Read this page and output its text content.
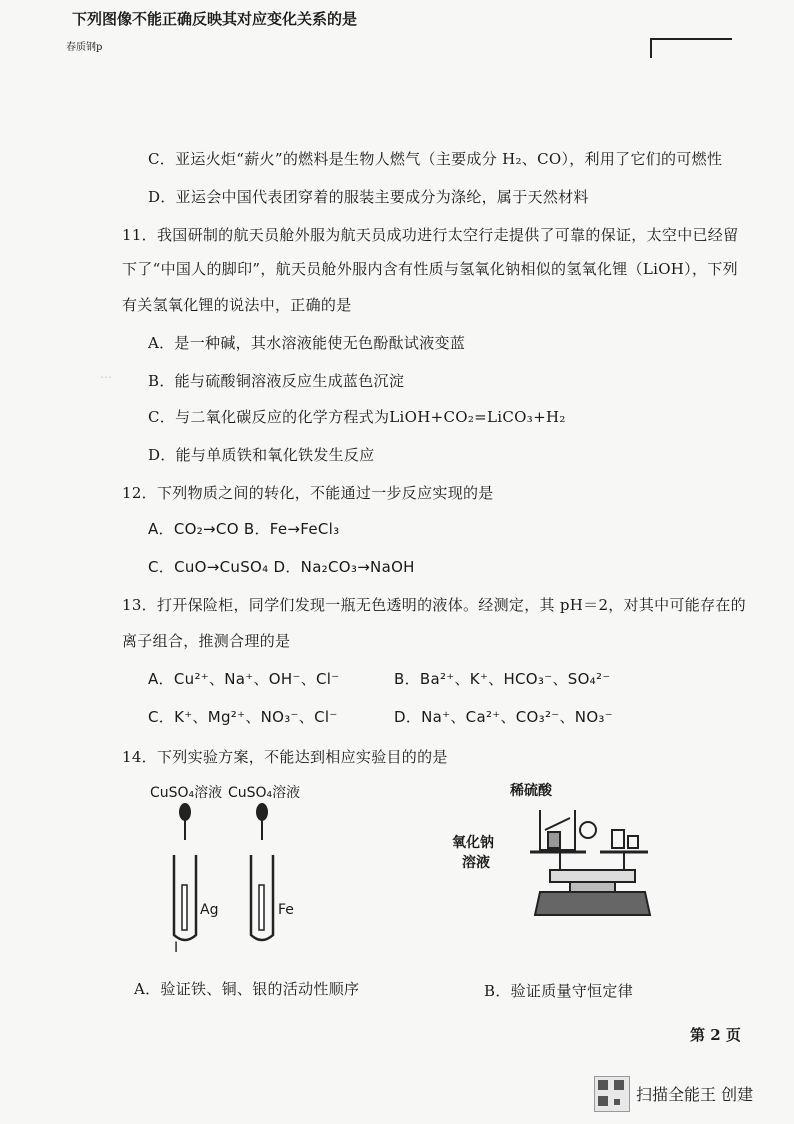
下列图像不能正确反映其对应变化关系的是
春质钢p
C．亚运火炬“薪火”的燃料是生物人燃气（主要成分 H₂、CO），利用了它们的可燃性
D．亚运会中国代表团穿着的服装主要成分为涤纶，属于天然材料
11．我国研制的航天员舱外服为航天员成功进行太空行走提供了可靠的保证，太空中已经留
下了“中国人的脚印”，航天员舱外服内含有性质与氢氧化钠相似的氢氧化锂（LiOH），下列
有关氢氧化锂的说法中，正确的是
A．是一种碱，其水溶液能使无色酚酞试液变蓝
B．能与硫酸铜溶液反应生成蓝色沉淀
C．与二氧化碳反应的化学方程式为LiOH+CO₂=LiCO₃+H₂
D．能与单质铁和氧化铁发生反应
12．下列物质之间的转化，不能通过一步反应实现的是
A．CO₂→CO B．Fe→FeCl₃
C．CuO→CuSO₄ D．Na₂CO₃→NaOH
13．打开保险柜，同学们发现一瓶无色透明的液体。经测定，其 pH＝2，对其中可能存在的
离子组合，推测合理的是
A．Cu²⁺、Na⁺、OH⁻、Cl⁻	B．Ba²⁺、K⁺、HCO₃⁻、SO₄²⁻
C．K⁺、Mg²⁺、NO₃⁻、Cl⁻	D．Na⁺、Ca²⁺、CO₃²⁻、NO₃⁻
14．下列实验方案，不能达到相应实验目的的是
CuSO₄溶液 CuSO₄溶液
Ag	Fe
I
稀硫酸
氧化钠
溶液
A．验证铁、铜、银的活动性顺序	B．验证质量守恒定律
⋯
第 2 页
扫描全能王 创建
